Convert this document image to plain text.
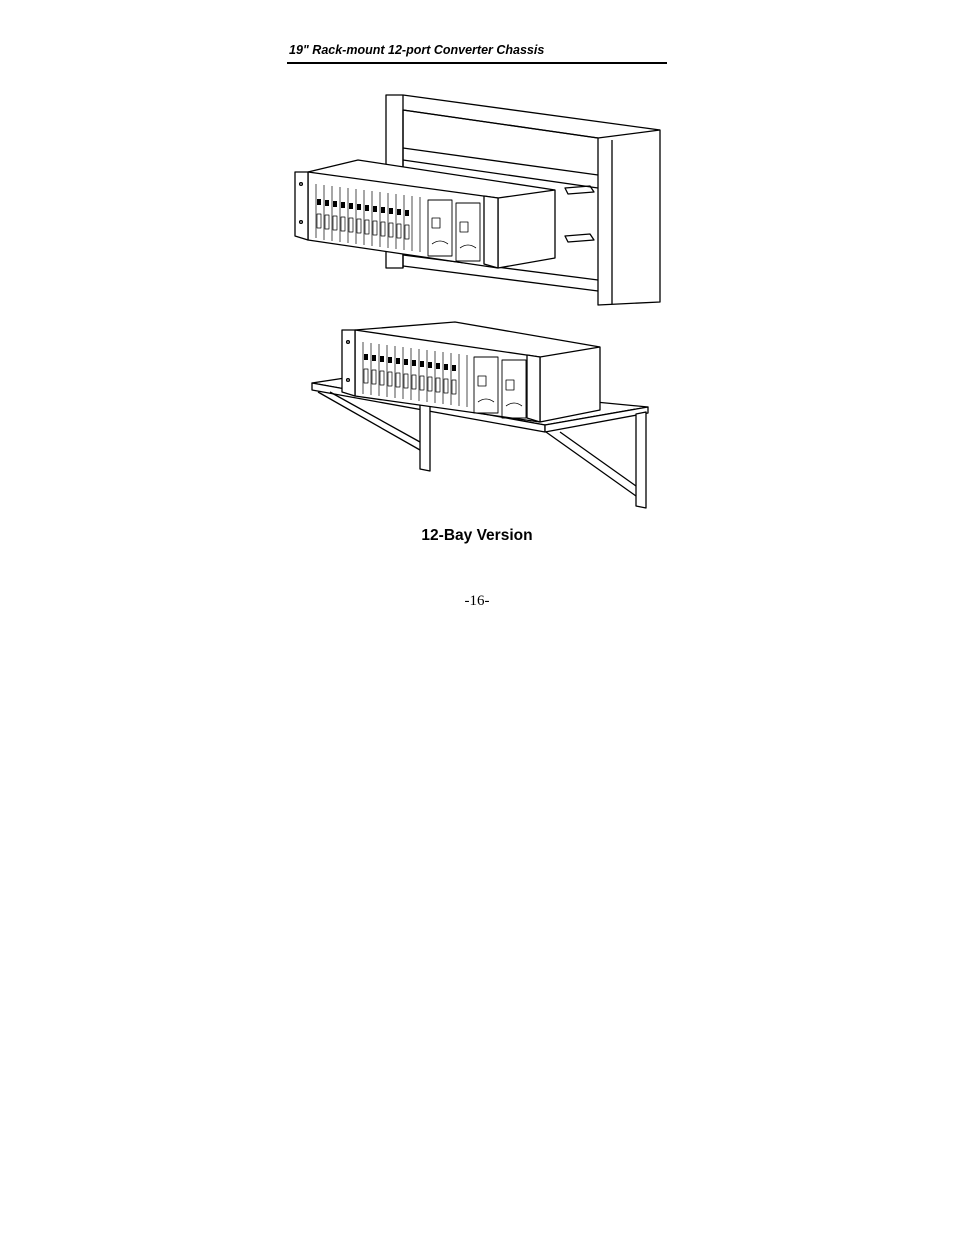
19" Rack-mount 12-port Converter Chassis
12-Bay Version
-16-
